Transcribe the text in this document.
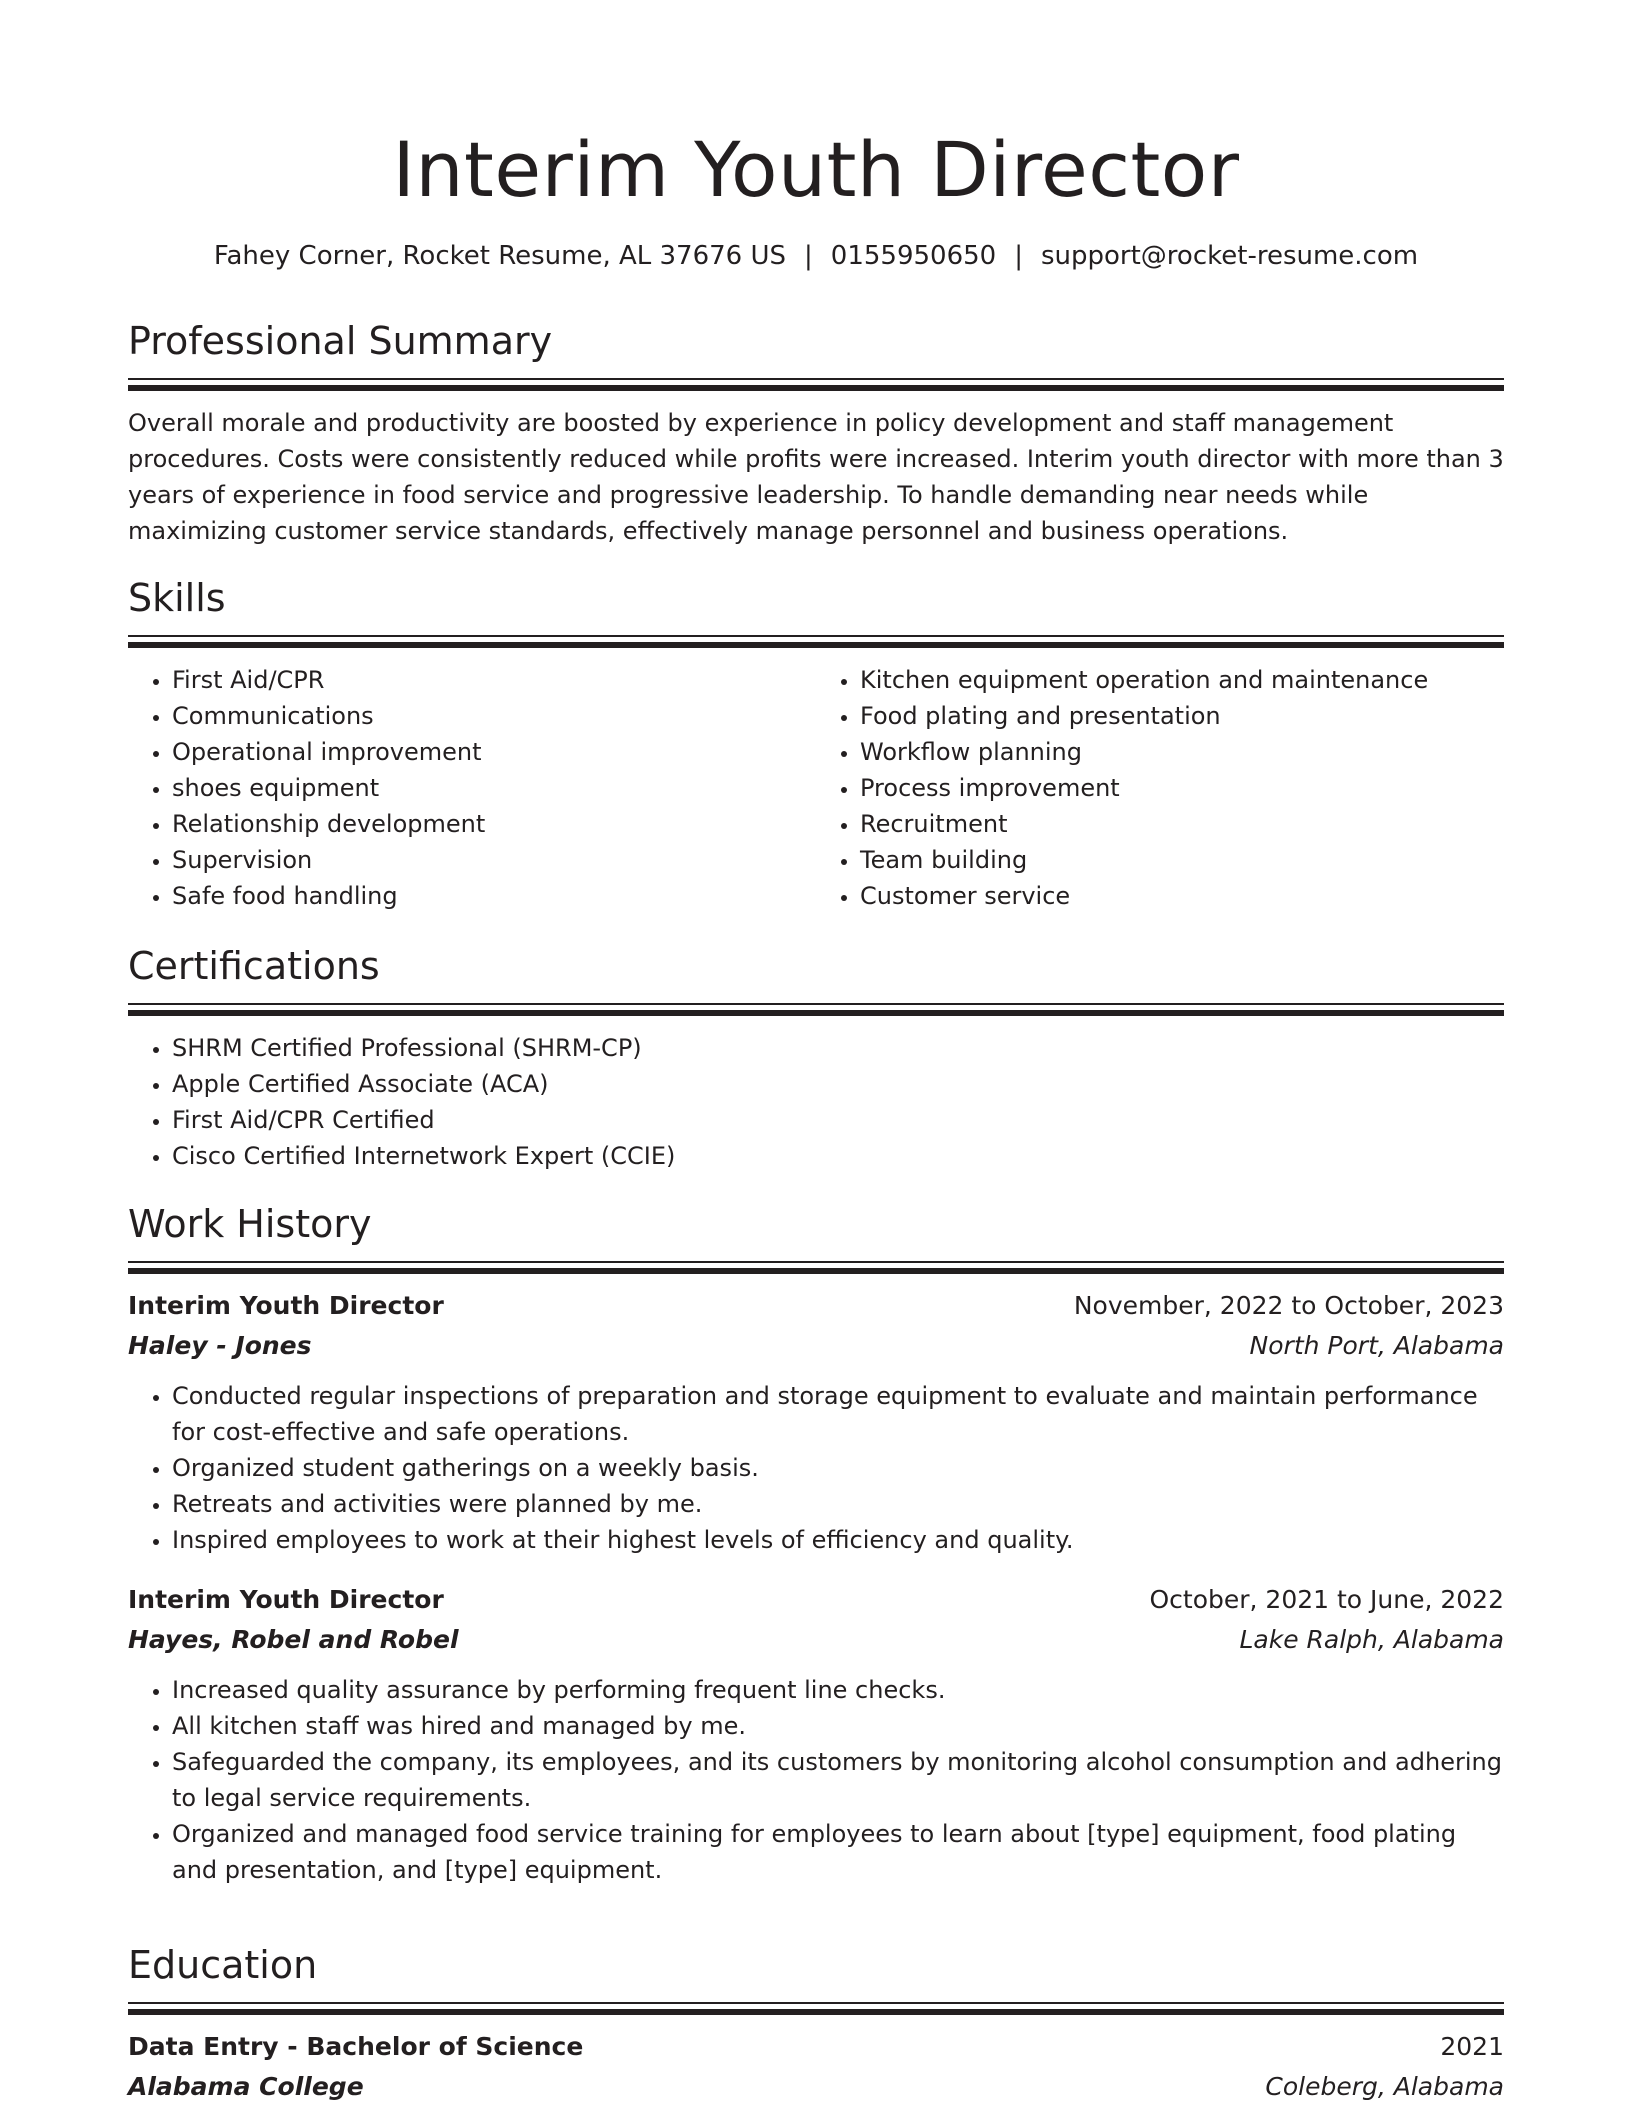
Interim Youth Director
Fahey Corner, Rocket Resume, AL 37676 US | 0155950650 | support@rocket-resume.com
Professional Summary
Overall morale and productivity are boosted by experience in policy development and staff management procedures. Costs were consistently reduced while profits were increased. Interim youth director with more than 3 years of experience in food service and progressive leadership. To handle demanding near needs while maximizing customer service standards, effectively manage personnel and business operations.
Skills
• First Aid/CPR
• Communications
• Operational improvement
• shoes equipment
• Relationship development
• Supervision
• Safe food handling
• Kitchen equipment operation and maintenance
• Food plating and presentation
• Workflow planning
• Process improvement
• Recruitment
• Team building
• Customer service
Certifications
• SHRM Certified Professional (SHRM-CP)
• Apple Certified Associate (ACA)
• First Aid/CPR Certified
• Cisco Certified Internetwork Expert (CCIE)
Work History
Interim Youth Director	November, 2022 to October, 2023
Haley - Jones	North Port, Alabama
• Conducted regular inspections of preparation and storage equipment to evaluate and maintain performance for cost-effective and safe operations.
• Organized student gatherings on a weekly basis.
• Retreats and activities were planned by me.
• Inspired employees to work at their highest levels of efficiency and quality.
Interim Youth Director	October, 2021 to June, 2022
Hayes, Robel and Robel	Lake Ralph, Alabama
• Increased quality assurance by performing frequent line checks.
• All kitchen staff was hired and managed by me.
• Safeguarded the company, its employees, and its customers by monitoring alcohol consumption and adhering to legal service requirements.
• Organized and managed food service training for employees to learn about [type] equipment, food plating and presentation, and [type] equipment.
Education
Data Entry - Bachelor of Science	2021
Alabama College	Coleberg, Alabama
